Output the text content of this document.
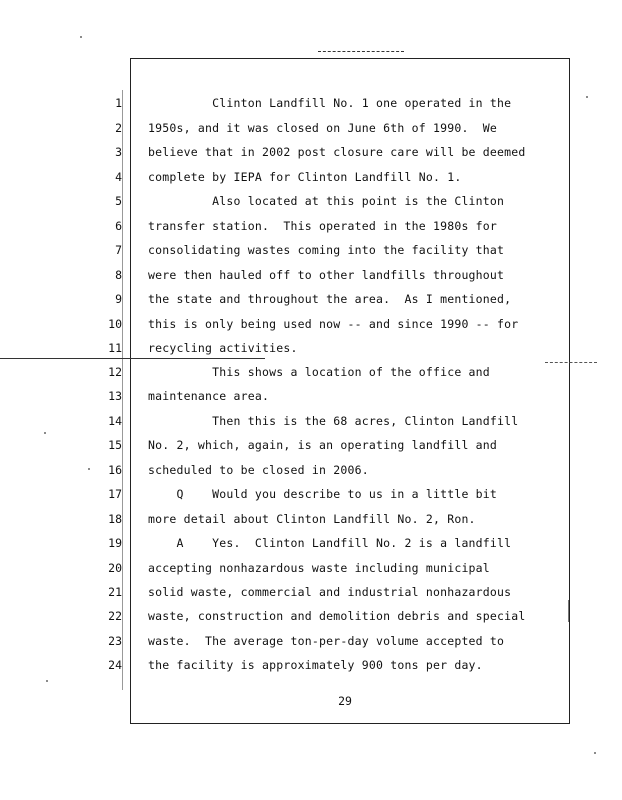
1 Clinton Landfill No. 1 one operated in the
2 1950s, and it was closed on June 6th of 1990.  We
3 believe that in 2002 post closure care will be deemed
4 complete by IEPA for Clinton Landfill No. 1.
5 Also located at this point is the Clinton
6 transfer station.  This operated in the 1980s for
7 consolidating wastes coming into the facility that
8 were then hauled off to other landfills throughout
9 the state and throughout the area.  As I mentioned,
10 this is only being used now -- and since 1990 -- for
11 recycling activities.
12 This shows a location of the office and
13 maintenance area.
14 Then this is the 68 acres, Clinton Landfill
15 No. 2, which, again, is an operating landfill and
16 scheduled to be closed in 2006.
17 Q    Would you describe to us in a little bit
18 more detail about Clinton Landfill No. 2, Ron.
19 A    Yes.  Clinton Landfill No. 2 is a landfill
20 accepting nonhazardous waste including municipal
21 solid waste, commercial and industrial nonhazardous
22 waste, construction and demolition debris and special
23 waste.  The average ton-per-day volume accepted to
24 the facility is approximately 900 tons per day.
29
